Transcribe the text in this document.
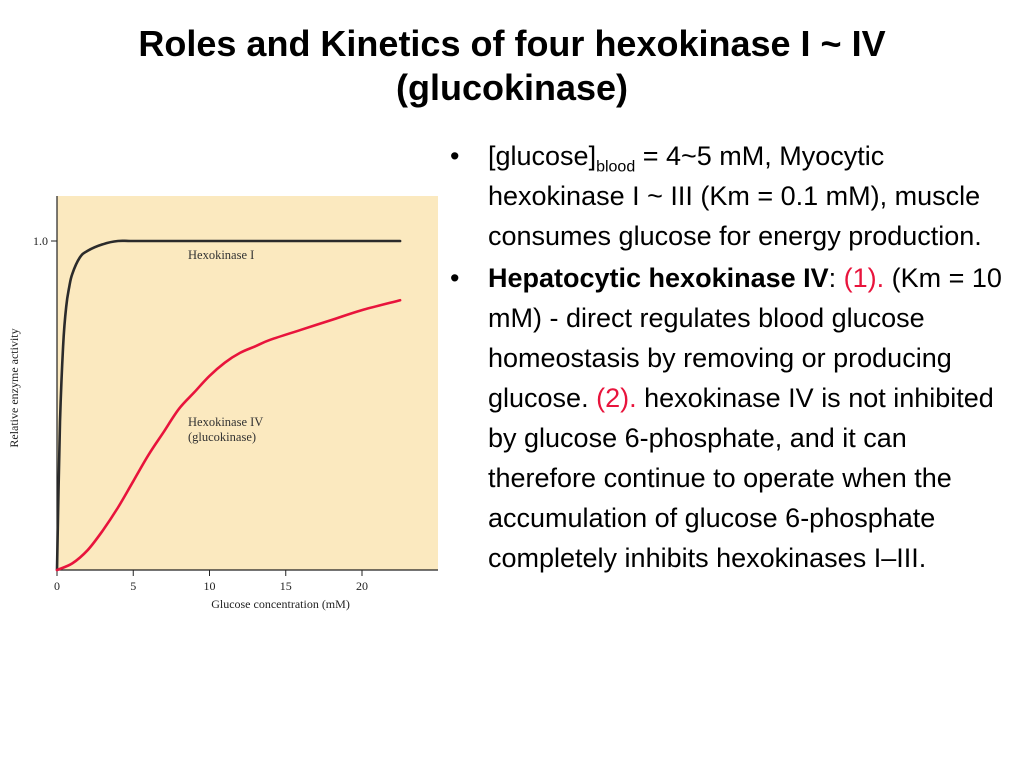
Roles and Kinetics of four hexokinase I ~ IV
(glucokinase)
0	5	10	15	20
1.0
Glucose concentration (mM)
Relative enzyme activity
Hexokinase I
Hexokinase IV
(glucokinase)
• $[glucose]_{blood}$ = 4~5 mM, Myocytic hexokinase I ~ III (Km = 0.1 mM), muscle consumes glucose for energy production.
• Hepatocytic hexokinase IV: (1). (Km = 10 mM) - direct regulates blood glucose homeostasis by removing or producing glucose. (2). hexokinase IV is not inhibited by glucose 6-phosphate, and it can therefore continue to operate when the accumulation of glucose 6-phosphate completely inhibits hexokinases I–III.
